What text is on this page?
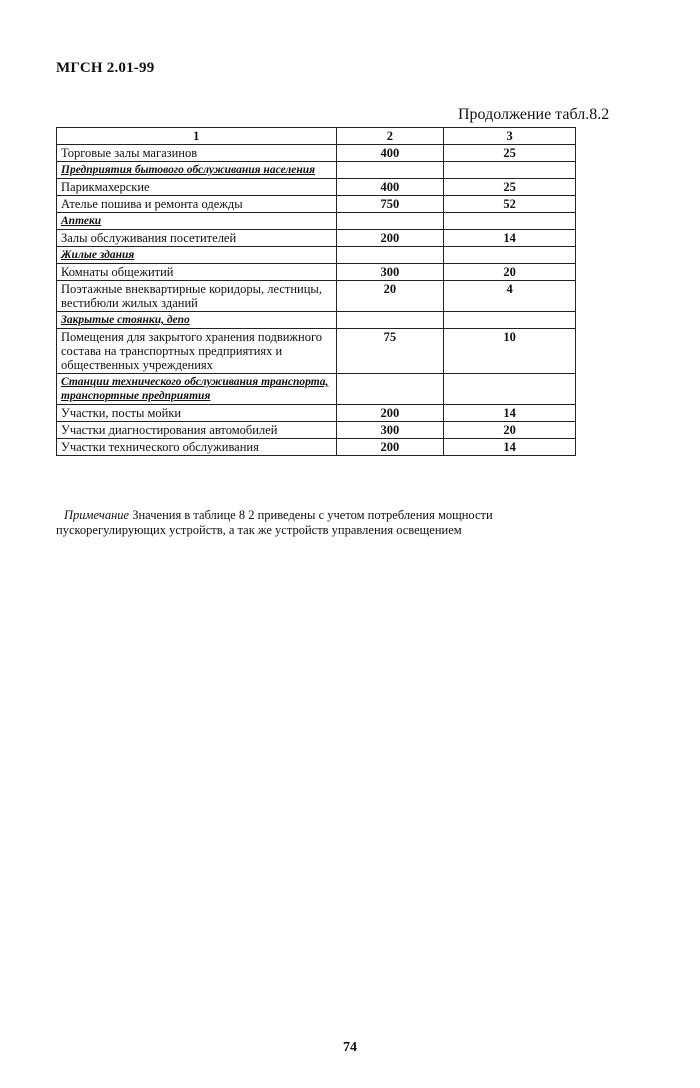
МГСН 2.01-99
Продолжение табл.8.2
1	2	3
Торговые залы магазинов	400	25
Предприятия бытового обслуживания населения		
Парикмахерские	400	25
Ателье пошива и ремонта одежды	750	52
Аптеки		
Залы обслуживания посетителей	200	14
Жилые здания		
Комнаты общежитий	300	20
Поэтажные внеквартирные коридоры, лестницы, вестибюли жилых зданий	20	4
Закрытые стоянки, депо		
Помещения для закрытого хранения подвижного состава на транспортных предприятиях и общественных учреждениях	75	10
Станции технического обслуживания транспорта, транспортные предприятия		
Участки, посты мойки	200	14
Участки диагностирования автомобилей	300	20
Участки технического обслуживания	200	14
Примечание Значения в таблице 8 2 приведены с учетом потребления мощности пускорегулирующих устройств, а так же устройств управления освещением
74
